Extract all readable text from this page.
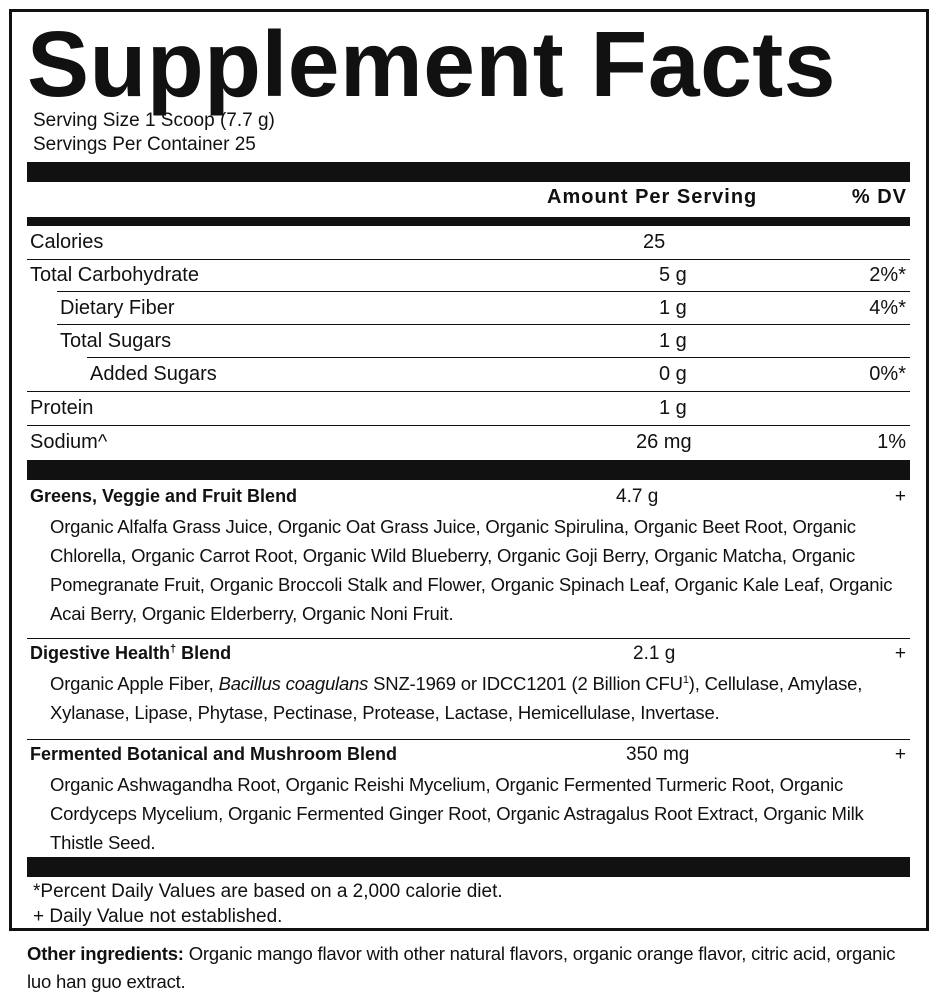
Supplement Facts
Serving Size 1 Scoop (7.7 g)
Servings Per Container 25
Amount Per Serving	% DV
Calories	25
Total Carbohydrate	5 g	2%*
Dietary Fiber	1 g	4%*
Total Sugars	1 g
Added Sugars	0 g	0%*
Protein	1 g
Sodium^	26 mg	1%
Greens, Veggie and Fruit Blend	4.7 g	+
Organic Alfalfa Grass Juice, Organic Oat Grass Juice, Organic Spirulina, Organic Beet Root, Organic Chlorella, Organic Carrot Root, Organic Wild Blueberry, Organic Goji Berry, Organic Matcha, Organic Pomegranate Fruit, Organic Broccoli Stalk and Flower, Organic Spinach Leaf, Organic Kale Leaf, Organic Acai Berry, Organic Elderberry, Organic Noni Fruit.
Digestive Health† Blend	2.1 g	+
Organic Apple Fiber, Bacillus coagulans SNZ-1969 or IDCC1201 (2 Billion CFU$^1$), Cellulase, Amylase, Xylanase, Lipase, Phytase, Pectinase, Protease, Lactase, Hemicellulase, Invertase.
Fermented Botanical and Mushroom Blend	350 mg	+
Organic Ashwagandha Root, Organic Reishi Mycelium, Organic Fermented Turmeric Root, Organic Cordyceps Mycelium, Organic Fermented Ginger Root, Organic Astragalus Root Extract, Organic Milk Thistle Seed.
*Percent Daily Values are based on a 2,000 calorie diet.
+ Daily Value not established.
Other ingredients: Organic mango flavor with other natural flavors, organic orange flavor, citric acid, organic luo han guo extract.
